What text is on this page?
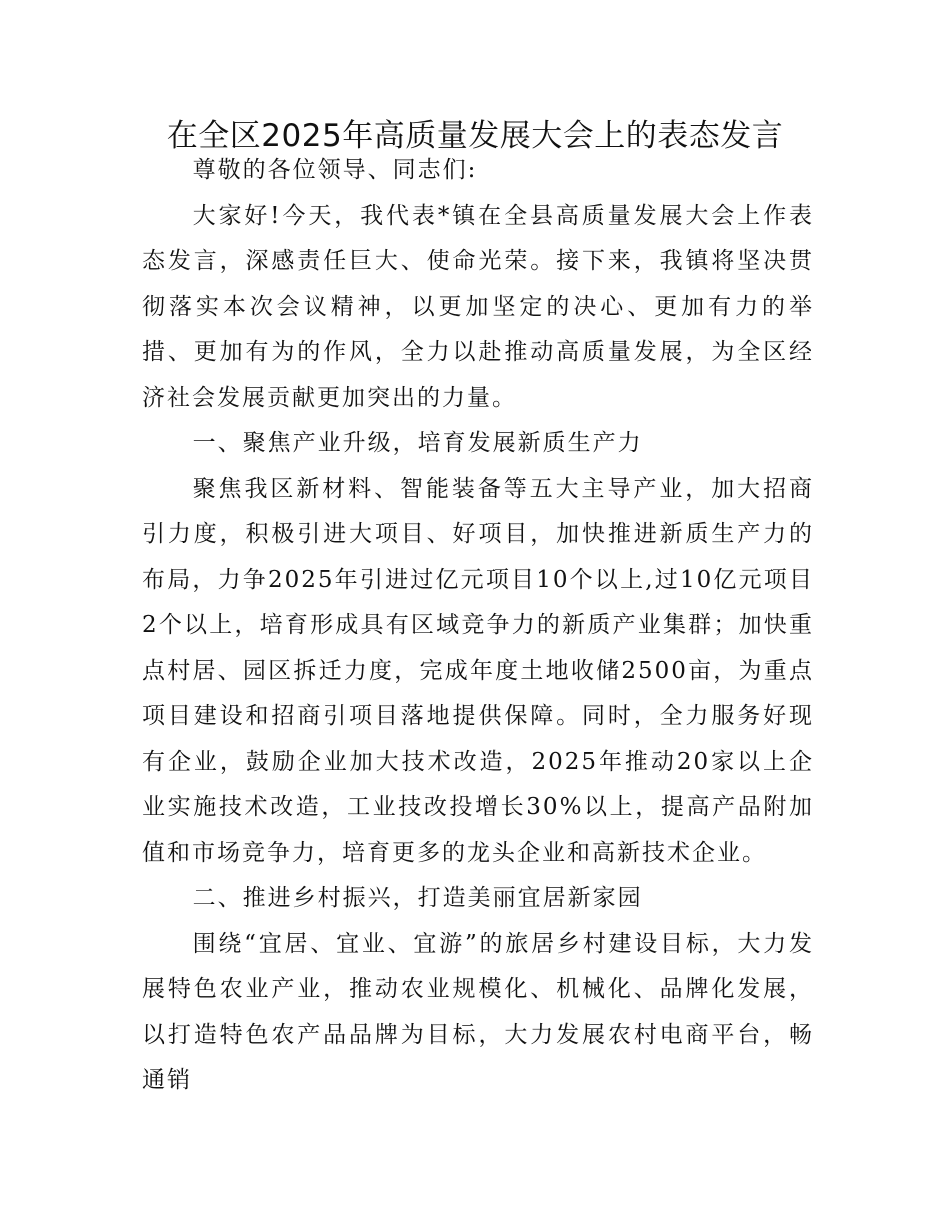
在全区2025年高质量发展大会上的表态发言

尊敬的各位领导、同志们:

大家好!今天，我代表*镇在全县高质量发展大会上作表态发言，深感责任巨大、使命光荣。接下来，我镇将坚决贯彻落实本次会议精神，以更加坚定的决心、更加有力的举措、更加有为的作风，全力以赴推动高质量发展，为全区经济社会发展贡献更加突出的力量。

一、聚焦产业升级，培育发展新质生产力

聚焦我区新材料、智能装备等五大主导产业，加大招商引力度，积极引进大项目、好项目，加快推进新质生产力的布局，力争2025年引进过亿元项目10个以上,过10亿元项目2个以上，培育形成具有区域竞争力的新质产业集群；加快重点村居、园区拆迁力度，完成年度土地收储2500亩，为重点项目建设和招商引项目落地提供保障。同时，全力服务好现有企业，鼓励企业加大技术改造，2025年推动20家以上企业实施技术改造，工业技改投增长30%以上，提高产品附加值和市场竞争力，培育更多的龙头企业和高新技术企业。

二、推进乡村振兴，打造美丽宜居新家园

围绕“宜居、宜业、宜游”的旅居乡村建设目标，大力发展特色农业产业，推动农业规模化、机械化、品牌化发展，以打造特色农产品品牌为目标，大力发展农村电商平台，畅通销
